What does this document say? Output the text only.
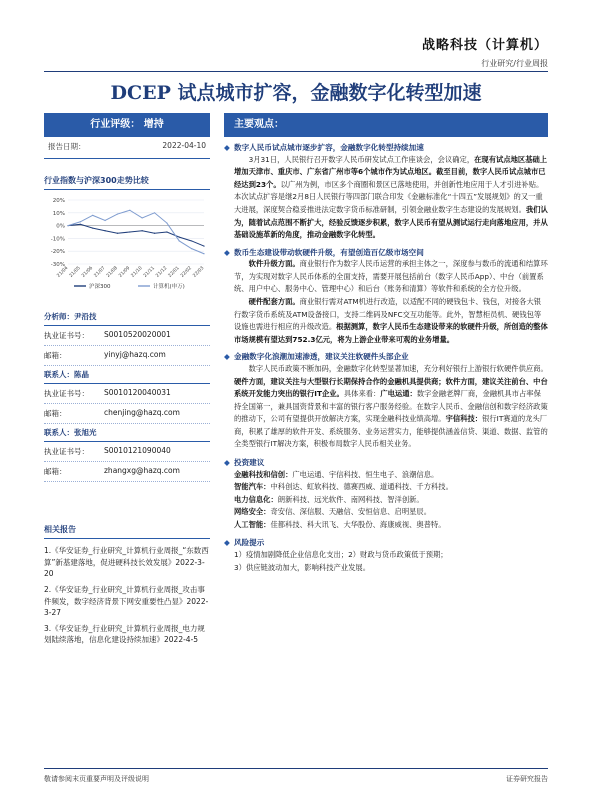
战略科技（计算机）
行业研究/行业周报
DCEP 试点城市扩容，金融数字化转型加速
行业评级： 增持
报告日期：	2022-04-10
行业指数与沪深300走势比较
20%
10%
0%
-10%
-20%
-30%
21/04 21/05 21/06 21/07 21/08 21/09 21/10 21/11 21/12 22/01 22/02 22/03
沪深300	计算机(申万)
分析师：尹沿技
执业证书号：	S0010520020001
邮箱：	yinyj@hazq.com
联系人：陈晶
执业证书号：	S0010120040031
邮箱：	chenjing@hazq.com
联系人：张旭光
执业证书号：	S0010121090040
邮箱：	zhangxg@hazq.com
相关报告
1.《华安证券_行业研究_计算机行业周报_“东数西算”新基建落地，促进硬科技长效发展》2022-3-20
2.《华安证券_行业研究_计算机行业周报_攻击事件频发，数字经济背景下网安重要性凸显》2022-3-27
3.《华安证券_行业研究_计算机行业周报_电力规划陆续落地，信息化建设持续加速》2022-4-5
主要观点：
◆ 数字人民币试点城市逐步扩容，金融数字化转型持续加速
3月31日，人民银行召开数字人民币研发试点工作座谈会，会议确定，在现有试点地区基础上增加天津市、重庆市、广东省广州市等6个城市作为试点地区。截至目前，数字人民币试点城市已经达到23个。以广州为例，市区多个商圈和景区已落地使用，并创新性地应用于人才引进补贴。本次试点扩容是继2月8日人民银行等四部门联合印发《金融标准化“十四五”发展规划》的又一重大进展，深度契合稳妥推进法定数字货币标准研制，引领金融业数字生态建设的发展规划。我们认为，随着试点范围不断扩大，经验反馈逐步积累，数字人民币有望从测试运行走向落地应用，并从基础设施革新的角度，推动金融数字化转型。
◆ 数币生态建设带动软硬件升级，有望创造百亿级市场空间
软件升级方面。商业银行作为数字人民币运营的承担主体之一，深度参与数币的流通和结算环节，为实现对数字人民币体系的全面支持，需要开展包括前台（数字人民币App）、中台（前置系统、用户中心、服务中心、管理中心）和后台（账务和清算）等软件和系统的全方位升级。
硬件配套方面。商业银行需对ATM机进行改造，以适配不同的硬钱包卡、钱包，对接各大银行数字货币系统及ATM设备接口，支持二维码及NFC交互功能等。此外，智慧柜员机、硬钱包等设施也需进行相应的升级改造。根据测算，数字人民币生态建设带来的软硬件升级，所创造的整体市场规模有望达到752.3亿元，将为上游企业带来可观的业务增量。
◆ 金融数字化浪潮加速渗透，建议关注软硬件头部企业
数字人民币政策不断加码，金融数字化转型显著加速，充分利好银行上游银行软硬件供应商。硬件方面，建议关注与大型银行长期保持合作的金融机具提供商；软件方面，建议关注前台、中台系统开发能力突出的银行IT企业。具体来看：广电运通：数字金融老牌厂商，金融机具市占率保持全国第一，兼具国资背景和丰富的银行客户服务经验。在数字人民币、金融信创和数字经济政策的推动下，公司有望提供开放解决方案，实现金融科技业绩高增。宇信科技：银行IT赛道的龙头厂商，积累了雄厚的软件开发、系统服务、业务运营实力，能够提供涵盖信贷、渠道、数据、监管的全类型银行IT解决方案，积极布局数字人民币相关业务。
◆ 投资建议
金融科技和信创：广电运通、宇信科技、恒生电子、浪潮信息。
智能汽车：中科创达、虹软科技、德赛西威、道通科技、千方科技。
电力信息化：朗新科技、远光软件、南网科技、智洋创新。
网络安全：奇安信、深信服、天融信、安恒信息、启明星辰。
人工智能：佳都科技、科大讯飞、大华股份、海康威视、奥普特。
◆ 风险提示
1）疫情加剧降低企业信息化支出；2）财政与货币政策低于预期；
3）供应链波动加大，影响科技产业发展。
敬请参阅末页重要声明及评级说明	证券研究报告
